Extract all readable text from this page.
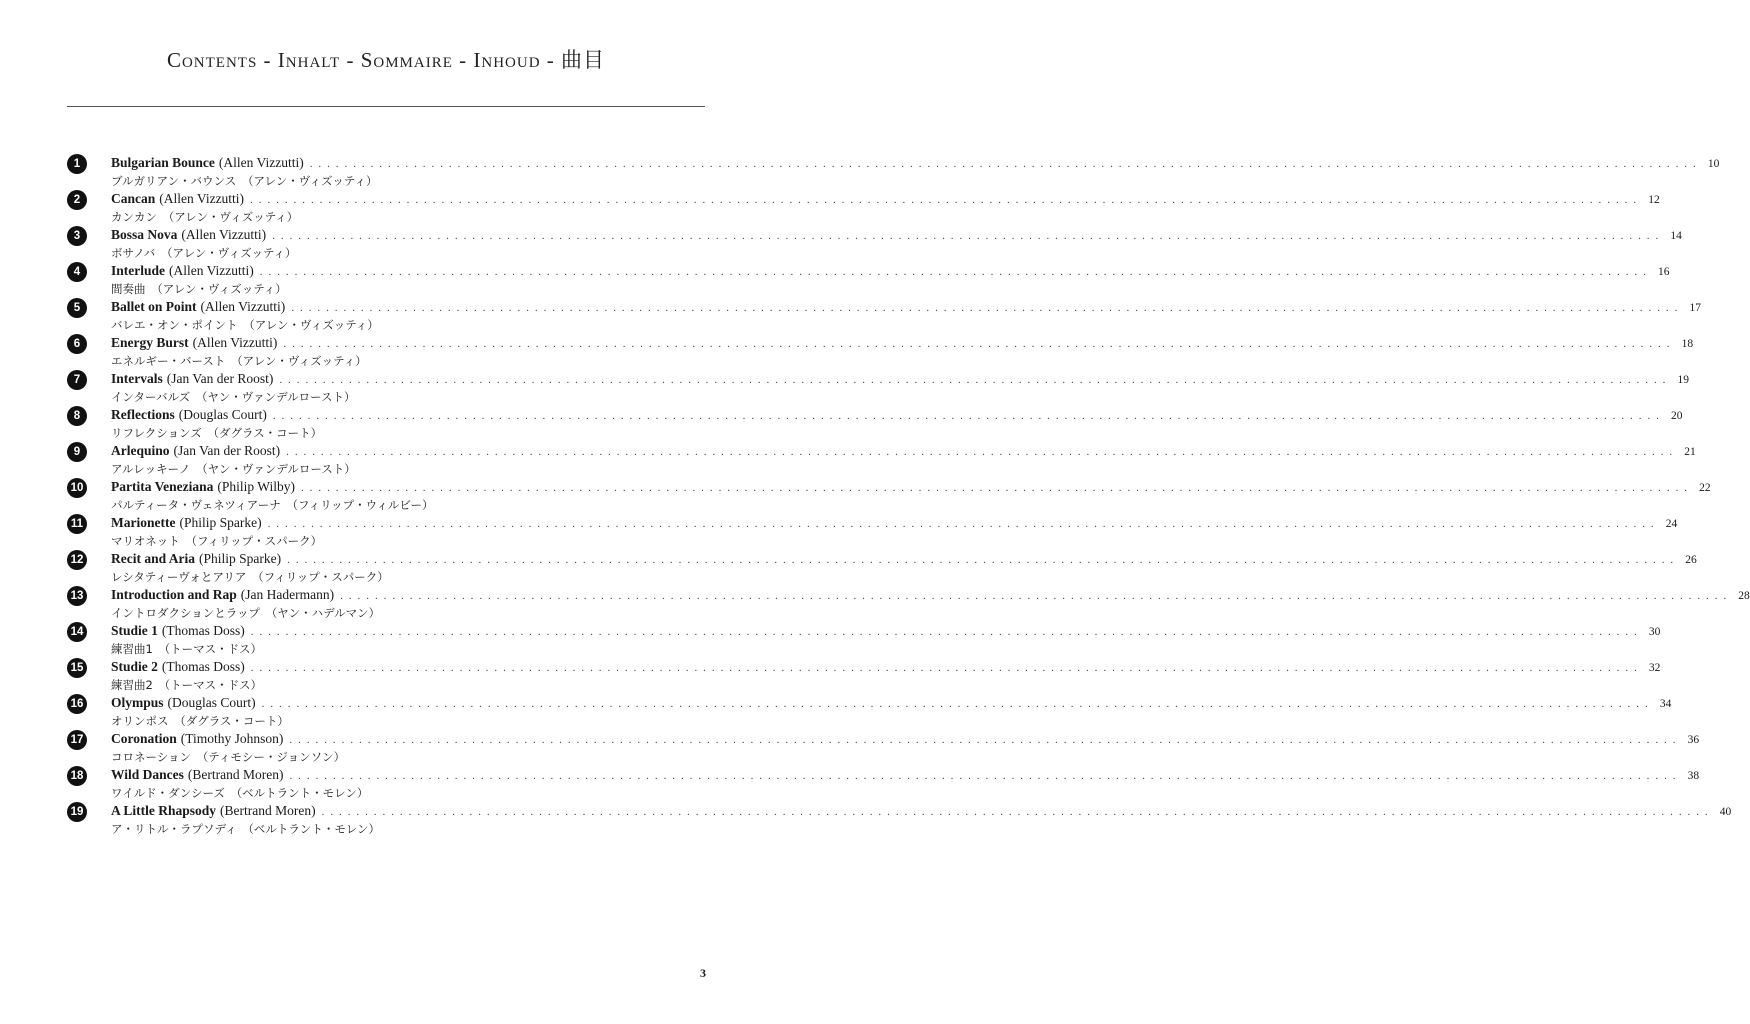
Contents - Inhalt - Sommaire - Inhoud - 曲目
1	Bulgarian Bounce (Allen Vizzutti) . . . . . . . . . . . . . . . . . . . . . . . . . . . . . . . . . . . . . . . . . . . . . . . . . . . . . . . . . . . . . . . . . . . . . . . . . . . . . . . . . . . . . . . . . . . . . . . . . . . . . . . . . . . . . . . . . . . . . . . . . . . . . . . . . . . . . . . . . . . . . . . . . . . . . . . . . . . . . . . . 10
ブルガリアン・バウンス　（アレン・ヴィズッティ）
2	Cancan (Allen Vizzutti) . . . . . . . . . . . . . . . . . . . . . . . . . . . . . . . . . . . . . . . . . . . . . . . . . . . . . . . . . . . . . . . . . . . . . . . . . . . . . . . . . . . . . . . . . . . . . . . . . . . . . . . . . . . . . . . . . . . . . . . . . . . . . . . . . . . . . . . . . . . . . . . . . . . . . . . . . . . . . . . . 12
カンカン　（アレン・ヴィズッティ）
3	Bossa Nova (Allen Vizzutti) . . . . . . . . . . . . . . . . . . . . . . . . . . . . . . . . . . . . . . . . . . . . . . . . . . . . . . . . . . . . . . . . . . . . . . . . . . . . . . . . . . . . . . . . . . . . . . . . . . . . . . . . . . . . . . . . . . . . . . . . . . . . . . . . . . . . . . . . . . . . . . . . . . . . . . . . . . . . . . . . 14
ボサノバ　（アレン・ヴィズッティ）
4	Interlude (Allen Vizzutti) . . . . . . . . . . . . . . . . . . . . . . . . . . . . . . . . . . . . . . . . . . . . . . . . . . . . . . . . . . . . . . . . . . . . . . . . . . . . . . . . . . . . . . . . . . . . . . . . . . . . . . . . . . . . . . . . . . . . . . . . . . . . . . . . . . . . . . . . . . . . . . . . . . . . . . . . . . . . . . . . 16
間奏曲　（アレン・ヴィズッティ）
5	Ballet on Point (Allen Vizzutti) . . . . . . . . . . . . . . . . . . . . . . . . . . . . . . . . . . . . . . . . . . . . . . . . . . . . . . . . . . . . . . . . . . . . . . . . . . . . . . . . . . . . . . . . . . . . . . . . . . . . . . . . . . . . . . . . . . . . . . . . . . . . . . . . . . . . . . . . . . . . . . . . . . . . . . . . . . . . . . . . 17
バレエ・オン・ポイント　（アレン・ヴィズッティ）
6	Energy Burst (Allen Vizzutti) . . . . . . . . . . . . . . . . . . . . . . . . . . . . . . . . . . . . . . . . . . . . . . . . . . . . . . . . . . . . . . . . . . . . . . . . . . . . . . . . . . . . . . . . . . . . . . . . . . . . . . . . . . . . . . . . . . . . . . . . . . . . . . . . . . . . . . . . . . . . . . . . . . . . . . . . . . . . . . . . 18
エネルギー・バースト　（アレン・ヴィズッティ）
7	Intervals (Jan Van der Roost) . . . . . . . . . . . . . . . . . . . . . . . . . . . . . . . . . . . . . . . . . . . . . . . . . . . . . . . . . . . . . . . . . . . . . . . . . . . . . . . . . . . . . . . . . . . . . . . . . . . . . . . . . . . . . . . . . . . . . . . . . . . . . . . . . . . . . . . . . . . . . . . . . . . . . . . . . . . . . . . . 19
インターバルズ　（ヤン・ヴァンデルロースト）
8	Reflections (Douglas Court) . . . . . . . . . . . . . . . . . . . . . . . . . . . . . . . . . . . . . . . . . . . . . . . . . . . . . . . . . . . . . . . . . . . . . . . . . . . . . . . . . . . . . . . . . . . . . . . . . . . . . . . . . . . . . . . . . . . . . . . . . . . . . . . . . . . . . . . . . . . . . . . . . . . . . . . . . . . . . . . . 20
リフレクションズ　（ダグラス・コート）
9	Arlequino (Jan Van der Roost) . . . . . . . . . . . . . . . . . . . . . . . . . . . . . . . . . . . . . . . . . . . . . . . . . . . . . . . . . . . . . . . . . . . . . . . . . . . . . . . . . . . . . . . . . . . . . . . . . . . . . . . . . . . . . . . . . . . . . . . . . . . . . . . . . . . . . . . . . . . . . . . . . . . . . . . . . . . . . . . . 21
アルレッキーノ　（ヤン・ヴァンデルロースト）
10 Partita Veneziana (Philip Wilby) . . . . . . . . . . . . . . . . . . . . . . . . . . . . . . . . . . . . . . . . . . . . . . . . . . . . . . . . . . . . . . . . . . . . . . . . . . . . . . . . . . . . . . . . . . . . . . . . . . . . . . . . . . . . . . . . . . . . . . . . . . . . . . . . . . . . . . . . . . . . . . . . . . . . . . . . . . . . . . . . 22
パルティータ・ヴェネツィアーナ　（フィリップ・ウィルビー）
11 Marionette (Philip Sparke) . . . . . . . . . . . . . . . . . . . . . . . . . . . . . . . . . . . . . . . . . . . . . . . . . . . . . . . . . . . . . . . . . . . . . . . . . . . . . . . . . . . . . . . . . . . . . . . . . . . . . . . . . . . . . . . . . . . . . . . . . . . . . . . . . . . . . . . . . . . . . . . . . . . . . . . . . . . . . . . . 24
マリオネット　（フィリップ・スパーク）
12 Recit and Aria (Philip Sparke) . . . . . . . . . . . . . . . . . . . . . . . . . . . . . . . . . . . . . . . . . . . . . . . . . . . . . . . . . . . . . . . . . . . . . . . . . . . . . . . . . . . . . . . . . . . . . . . . . . . . . . . . . . . . . . . . . . . . . . . . . . . . . . . . . . . . . . . . . . . . . . . . . . . . . . . . . . . . . . . . 26
レシタティーヴォとアリア　（フィリップ・スパーク）
13 Introduction and Rap (Jan Hadermann) . . . . . . . . . . . . . . . . . . . . . . . . . . . . . . . . . . . . . . . . . . . . . . . . . . . . . . . . . . . . . . . . . . . . . . . . . . . . . . . . . . . . . . . . . . . . . . . . . . . . . . . . . . . . . . . . . . . . . . . . . . . . . . . . . . . . . . . . . . . . . . . . . . . . . . . . . . . . . . . . 28
イントロダクションとラップ　（ヤン・ハデルマン）
14 Studie 1 (Thomas Doss) . . . . . . . . . . . . . . . . . . . . . . . . . . . . . . . . . . . . . . . . . . . . . . . . . . . . . . . . . . . . . . . . . . . . . . . . . . . . . . . . . . . . . . . . . . . . . . . . . . . . . . . . . . . . . . . . . . . . . . . . . . . . . . . . . . . . . . . . . . . . . . . . . . . . . . . . . . . . . . . . 30
練習曲1　（トーマス・ドス）
15 Studie 2 (Thomas Doss) . . . . . . . . . . . . . . . . . . . . . . . . . . . . . . . . . . . . . . . . . . . . . . . . . . . . . . . . . . . . . . . . . . . . . . . . . . . . . . . . . . . . . . . . . . . . . . . . . . . . . . . . . . . . . . . . . . . . . . . . . . . . . . . . . . . . . . . . . . . . . . . . . . . . . . . . . . . . . . . . 32
練習曲2　（トーマス・ドス）
16 Olympus (Douglas Court) . . . . . . . . . . . . . . . . . . . . . . . . . . . . . . . . . . . . . . . . . . . . . . . . . . . . . . . . . . . . . . . . . . . . . . . . . . . . . . . . . . . . . . . . . . . . . . . . . . . . . . . . . . . . . . . . . . . . . . . . . . . . . . . . . . . . . . . . . . . . . . . . . . . . . . . . . . . . . . . . 34
オリンポス　（ダグラス・コート）
17 Coronation (Timothy Johnson) . . . . . . . . . . . . . . . . . . . . . . . . . . . . . . . . . . . . . . . . . . . . . . . . . . . . . . . . . . . . . . . . . . . . . . . . . . . . . . . . . . . . . . . . . . . . . . . . . . . . . . . . . . . . . . . . . . . . . . . . . . . . . . . . . . . . . . . . . . . . . . . . . . . . . . . . . . . . . . . . 36
コロネーション　（ティモシー・ジョンソン）
18 Wild Dances (Bertrand Moren) . . . . . . . . . . . . . . . . . . . . . . . . . . . . . . . . . . . . . . . . . . . . . . . . . . . . . . . . . . . . . . . . . . . . . . . . . . . . . . . . . . . . . . . . . . . . . . . . . . . . . . . . . . . . . . . . . . . . . . . . . . . . . . . . . . . . . . . . . . . . . . . . . . . . . . . . . . . . . . . . 38
ワイルド・ダンシーズ　（ベルトラント・モレン）
19 A Little Rhapsody (Bertrand Moren) . . . . . . . . . . . . . . . . . . . . . . . . . . . . . . . . . . . . . . . . . . . . . . . . . . . . . . . . . . . . . . . . . . . . . . . . . . . . . . . . . . . . . . . . . . . . . . . . . . . . . . . . . . . . . . . . . . . . . . . . . . . . . . . . . . . . . . . . . . . . . . . . . . . . . . . . . . . . . . . . 40
ア・リトル・ラプソディ　（ベルトラント・モレン）
3
